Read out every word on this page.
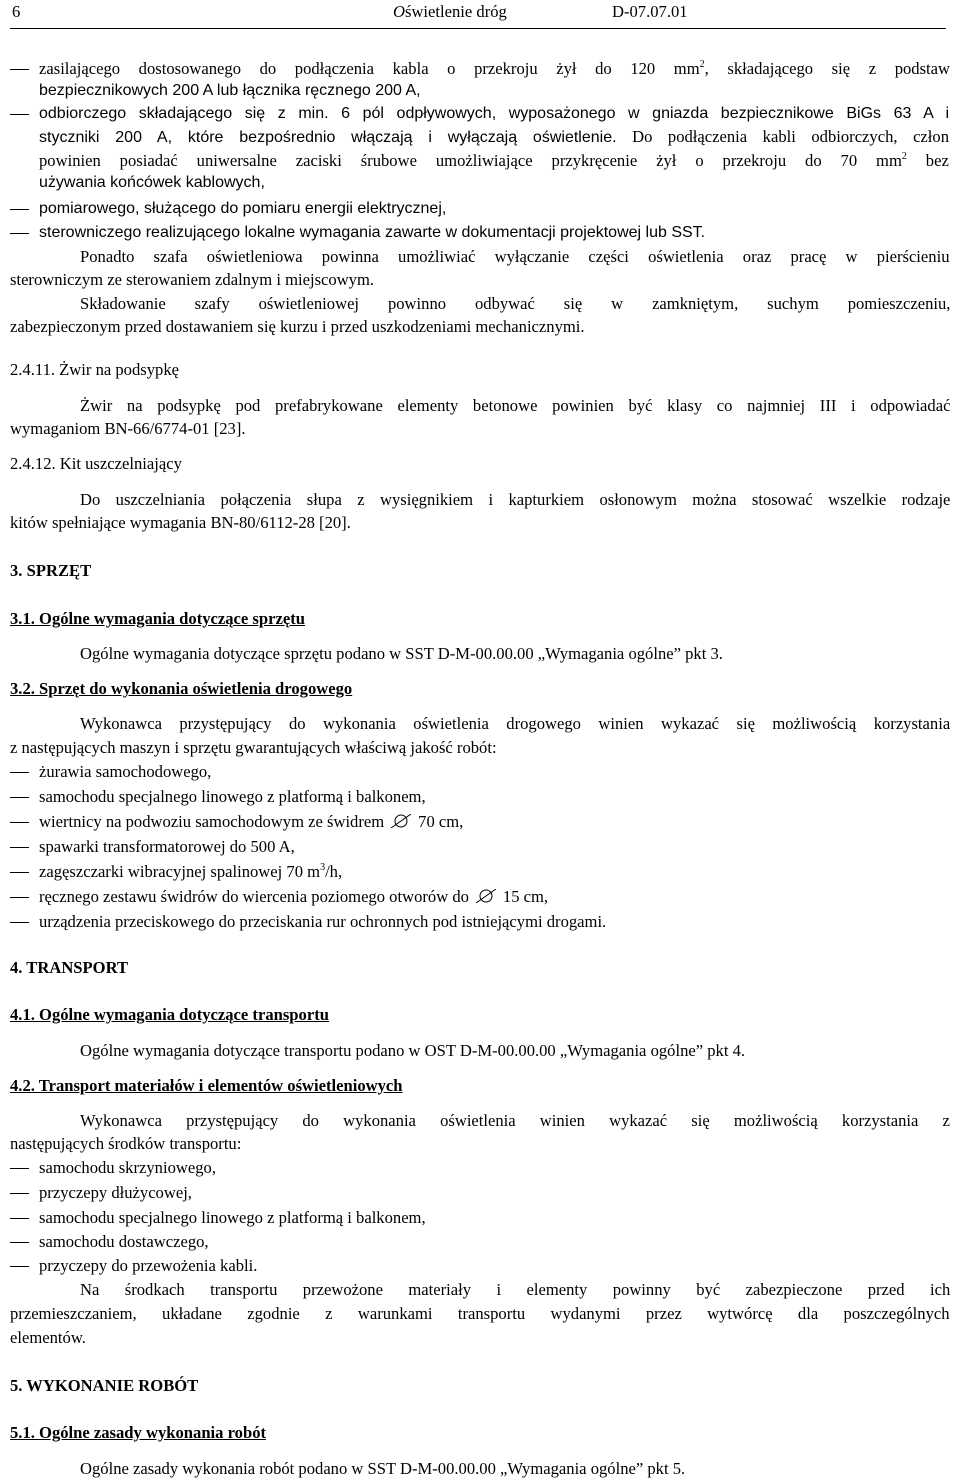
6	Oświetlenie dróg	D-07.07.01
zasilającego dostosowanego do podłączenia kabla o przekroju żył do 120 $mm^2$, składającego się z podstaw
bezpiecznikowych 200 A lub łącznika ręcznego 200 A,
odbiorczego składającego się z min. 6 pól odpływowych, wyposażonego w gniazda bezpiecznikowe BiGs 63 A i
styczniki 200 A, które bezpośrednio włączają i wyłączają oświetlenie. Do podłączenia kabli odbiorczych, człon
powinien posiadać uniwersalne zaciski śrubowe umożliwiające przykręcenie żył o przekroju do 70 $mm^2$ bez
używania końcówek kablowych,
pomiarowego, służącego do pomiaru energii elektrycznej,
sterowniczego realizującego lokalne wymagania zawarte w dokumentacji projektowej lub SST.
Ponadto szafa oświetleniowa powinna umożliwiać wyłączanie części oświetlenia oraz pracę w pierścieniu
sterowniczym ze sterowaniem zdalnym i miejscowym.
Składowanie szafy oświetleniowej powinno odbywać się w zamkniętym, suchym pomieszczeniu,
zabezpieczonym przed dostawaniem się kurzu i przed uszkodzeniami mechanicznymi.
2.4.11. Żwir na podsypkę
Żwir na podsypkę pod prefabrykowane elementy betonowe powinien być klasy co najmniej III i odpowiadać
wymaganiom BN-66/6774-01 [23].
2.4.12. Kit uszczelniający
Do uszczelniania połączenia słupa z wysięgnikiem i kapturkiem osłonowym można stosować wszelkie rodzaje
kitów spełniające wymagania BN-80/6112-28 [20].
3. SPRZĘT
3.1. Ogólne wymagania dotyczące sprzętu
Ogólne wymagania dotyczące sprzętu podano w SST D-M-00.00.00 „Wymagania ogólne” pkt 3.
3.2. Sprzęt do wykonania oświetlenia drogowego
Wykonawca przystępujący do wykonania oświetlenia drogowego winien wykazać się możliwością korzystania
z następujących maszyn i sprzętu gwarantujących właściwą jakość robót:
żurawia samochodowego,
samochodu specjalnego linowego z platformą i balkonem,
wiertnicy na podwoziu samochodowym ze świdrem 70 cm,
spawarki transformatorowej do 500 A,
zagęszczarki wibracyjnej spalinowej 70 $m^3/h$,
ręcznego zestawu świdrów do wiercenia poziomego otworów do 15 cm,
urządzenia przeciskowego do przeciskania rur ochronnych pod istniejącymi drogami.
4. TRANSPORT
4.1. Ogólne wymagania dotyczące transportu
Ogólne wymagania dotyczące transportu podano w OST D-M-00.00.00 „Wymagania ogólne” pkt 4.
4.2. Transport materiałów i elementów oświetleniowych
Wykonawca przystępujący do wykonania oświetlenia winien wykazać się możliwością korzystania z
następujących środków transportu:
samochodu skrzyniowego,
przyczepy dłużycowej,
samochodu specjalnego linowego z platformą i balkonem,
samochodu dostawczego,
przyczepy do przewożenia kabli.
Na środkach transportu przewożone materiały i elementy powinny być zabezpieczone przed ich
przemieszczaniem, układane zgodnie z warunkami transportu wydanymi przez wytwórcę dla poszczególnych
elementów.
5. WYKONANIE ROBÓT
5.1. Ogólne zasady wykonania robót
Ogólne zasady wykonania robót podano w SST D-M-00.00.00 „Wymagania ogólne” pkt 5.
